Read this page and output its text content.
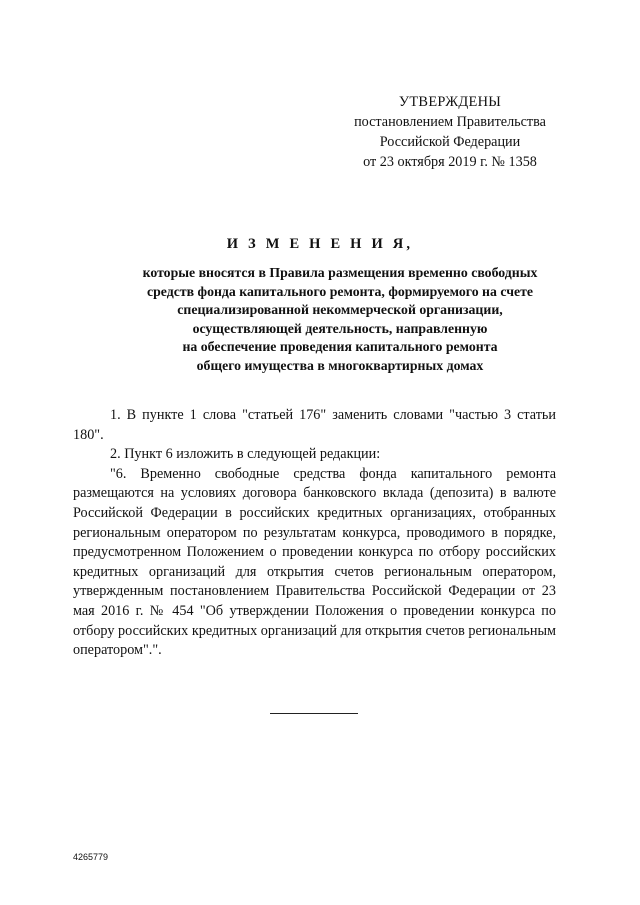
УТВЕРЖДЕНЫ
постановлением Правительства
Российской Федерации
от 23 октября 2019 г. № 1358
И З М Е Н Е Н И Я,
которые вносятся в Правила размещения временно свободных
средств фонда капитального ремонта, формируемого на счете
специализированной некоммерческой организации,
осуществляющей деятельность, направленную
на обеспечение проведения капитального ремонта
общего имущества в многоквартирных домах

1. В пункте 1 слова "статьей 176" заменить словами "частью 3 статьи 180".

2. Пункт 6 изложить в следующей редакции:

"6. Временно свободные средства фонда капитального ремонта размещаются на условиях договора банковского вклада (депозита) в валюте Российской Федерации в российских кредитных организациях, отобранных региональным оператором по результатам конкурса, проводимого в порядке, предусмотренном Положением о проведении конкурса по отбору российских кредитных организаций для открытия счетов региональным оператором, утвержденным постановлением Правительства Российской Федерации от 23 мая 2016 г. № 454 "Об утверждении Положения о проведении конкурса по отбору российских кредитных организаций для открытия счетов региональным оператором".".

4265779
